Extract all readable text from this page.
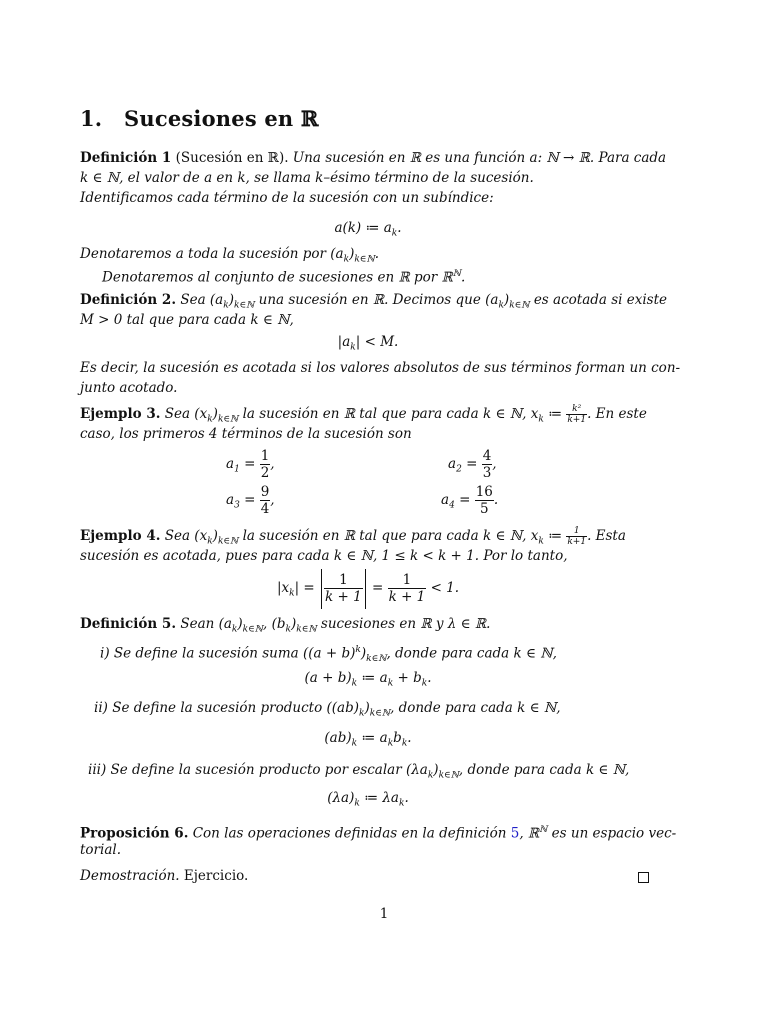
1. Sucesiones en ℝ
Definición 1 (Sucesión en ℝ). Una sucesión en ℝ es una función a: ℕ → ℝ. Para cada
k ∈ ℕ, el valor de a en k, se llama k–ésimo término de la sucesión.
Identificamos cada término de la sucesión con un subíndice:
a(k) ≔ $a_k$.
Denotaremos a toda la sucesión por $(a_k)_{k\in ℕ}$.
Denotaremos al conjunto de sucesiones en ℝ por ℝ$^ℕ$.
Definición 2. Sea $(a_k)_{k\in ℕ}$ una sucesión en ℝ. Decimos que $(a_k)_{k\in ℕ}$ es acotada si existe
M > 0 tal que para cada k ∈ ℕ,
$|a_k| < M$.
Es decir, la sucesión es acotada si los valores absolutos de sus términos forman un con-
junto acotado.
Ejemplo 3. Sea $(x_k)_{k\in ℕ}$ la sucesión en ℝ tal que para cada k ∈ ℕ, $x_k$ ≔ $\frac{\text{k²}}{k+1}$ . En este
caso, los primeros 4 términos de la sucesión son
$a_1 = \frac{1}{2}$ ,	$a_2 = \frac{4}{3}$ ,
$a_3 = \frac{9}{4}$ ,	$a_4 = \frac{16}{5}$ .
Ejemplo 4. Sea $(x_k)_{k\in ℕ}$ la sucesión en ℝ tal que para cada k ∈ ℕ, $x_k$ ≔ $\frac{1}{k+1}$ . Esta
sucesión es acotada, pues para cada k ∈ ℕ, 1 ≤ k < k + 1. Por lo tanto,
$|x_k| = \frac{1}{k + 1} = \frac{1}{k + 1} < 1$.
Definición 5. Sean $(a_k)_{k\in ℕ}$, $(b_k)_{k\in ℕ}$ sucesiones en ℝ y λ ∈ ℝ.
i) Se define la sucesión suma $((a + b)^k)_{k\in ℕ}$, donde para cada k ∈ ℕ,
$(a + b)_k$ ≔ $a_k + b_k$.
ii) Se define la sucesión producto $((ab)_k)_{k\in ℕ}$, donde para cada k ∈ ℕ,
$(ab)_k$ ≔ $a_kb_k$.
iii) Se define la sucesión producto por escalar $(\lambda a_k)_{k\in ℕ}$, donde para cada k ∈ ℕ,
$(\lambda a)_k$ ≔ $\lambda a_k$.
Proposición 6. Con las operaciones definidas en la definición 5, ℝ$^ℕ$ es un espacio vec-
torial.
Demostración. Ejercicio.
1
